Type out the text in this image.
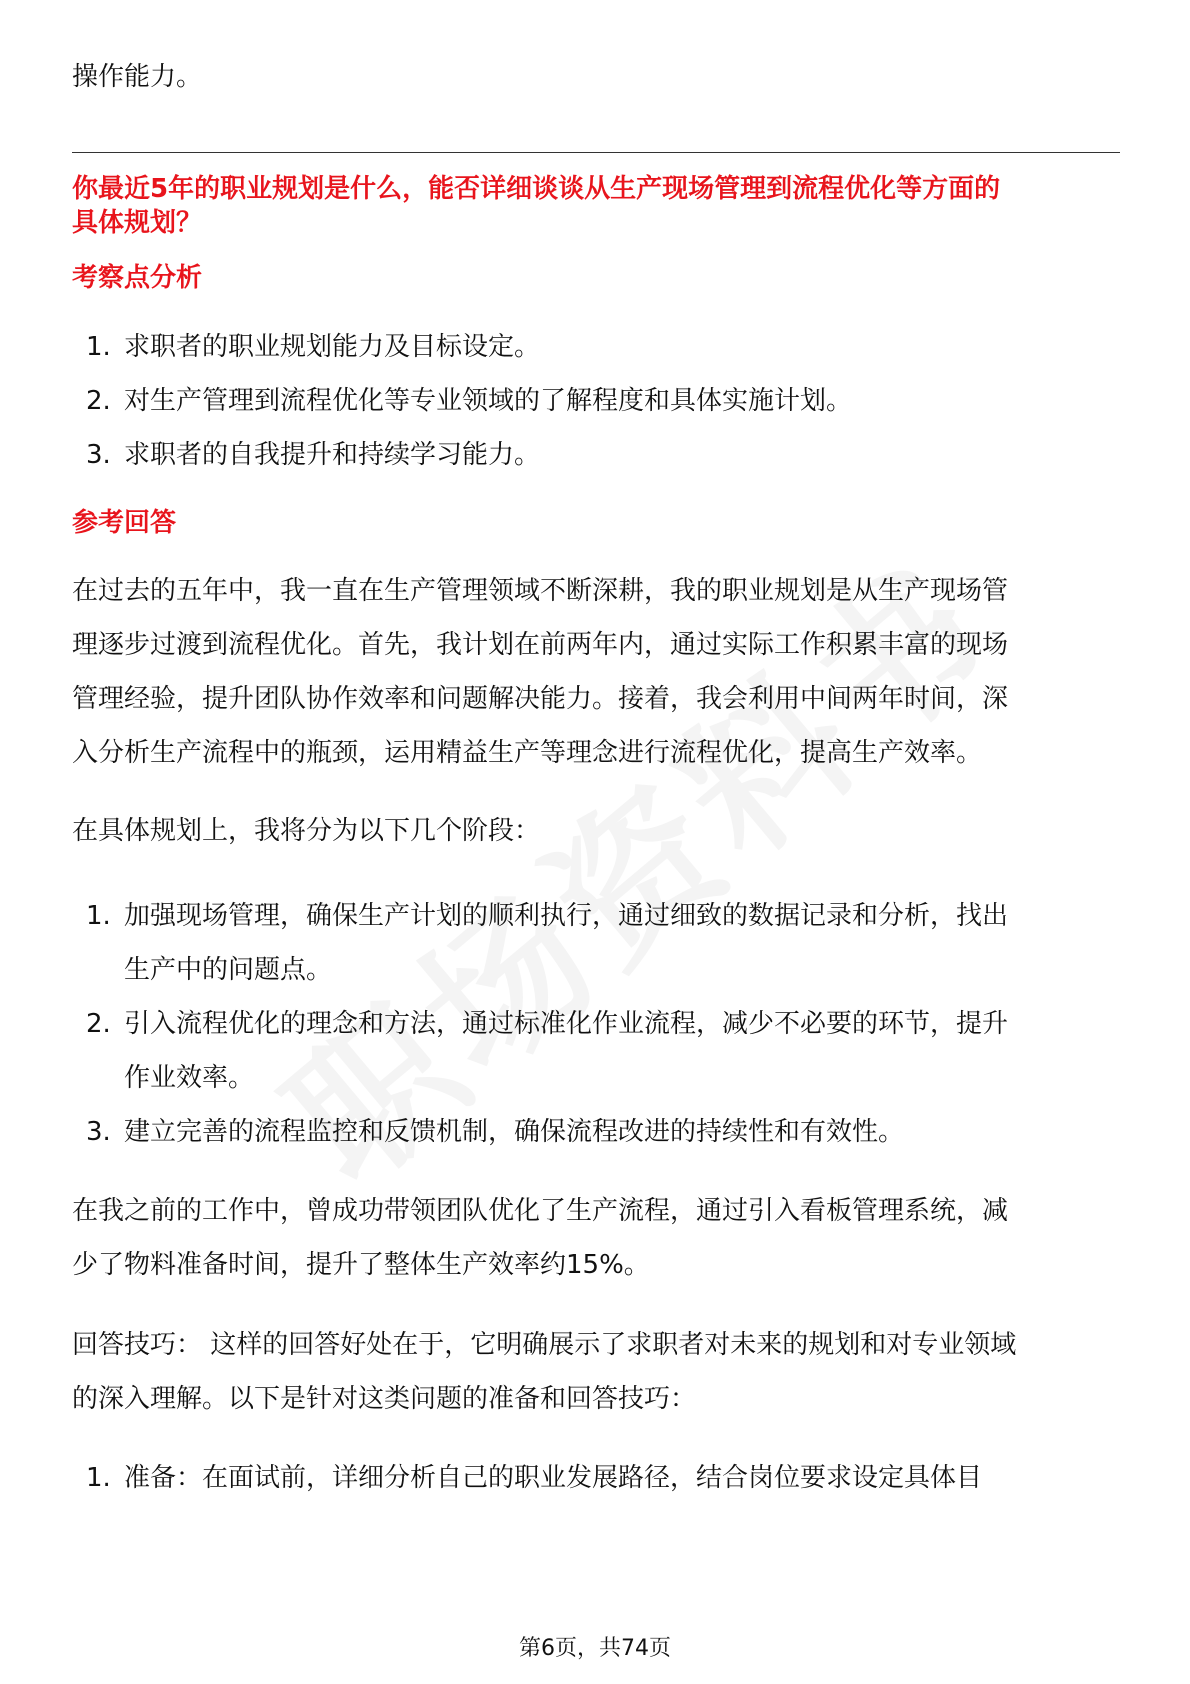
操作能力。
你最近5年的职业规划是什么，能否详细谈谈从生产现场管理到流程优化等方面的
具体规划？
考察点分析
1. 求职者的职业规划能力及目标设定。
2. 对生产管理到流程优化等专业领域的了解程度和具体实施计划。
3. 求职者的自我提升和持续学习能力。
参考回答
在过去的五年中，我一直在生产管理领域不断深耕，我的职业规划是从生产现场管
理逐步过渡到流程优化。首先，我计划在前两年内，通过实际工作积累丰富的现场
管理经验，提升团队协作效率和问题解决能力。接着，我会利用中间两年时间，深
入分析生产流程中的瓶颈，运用精益生产等理念进行流程优化，提高生产效率。
在具体规划上，我将分为以下几个阶段：
1. 加强现场管理，确保生产计划的顺利执行，通过细致的数据记录和分析，找出
生产中的问题点。
2. 引入流程优化的理念和方法，通过标准化作业流程，减少不必要的环节，提升
作业效率。
3. 建立完善的流程监控和反馈机制，确保流程改进的持续性和有效性。
在我之前的工作中，曾成功带领团队优化了生产流程，通过引入看板管理系统，减
少了物料准备时间，提升了整体生产效率约15%。
回答技巧： 这样的回答好处在于，它明确展示了求职者对未来的规划和对专业领域
的深入理解。以下是针对这类问题的准备和回答技巧：
1. 准备：在面试前，详细分析自己的职业发展路径，结合岗位要求设定具体目
第6页，共74页
